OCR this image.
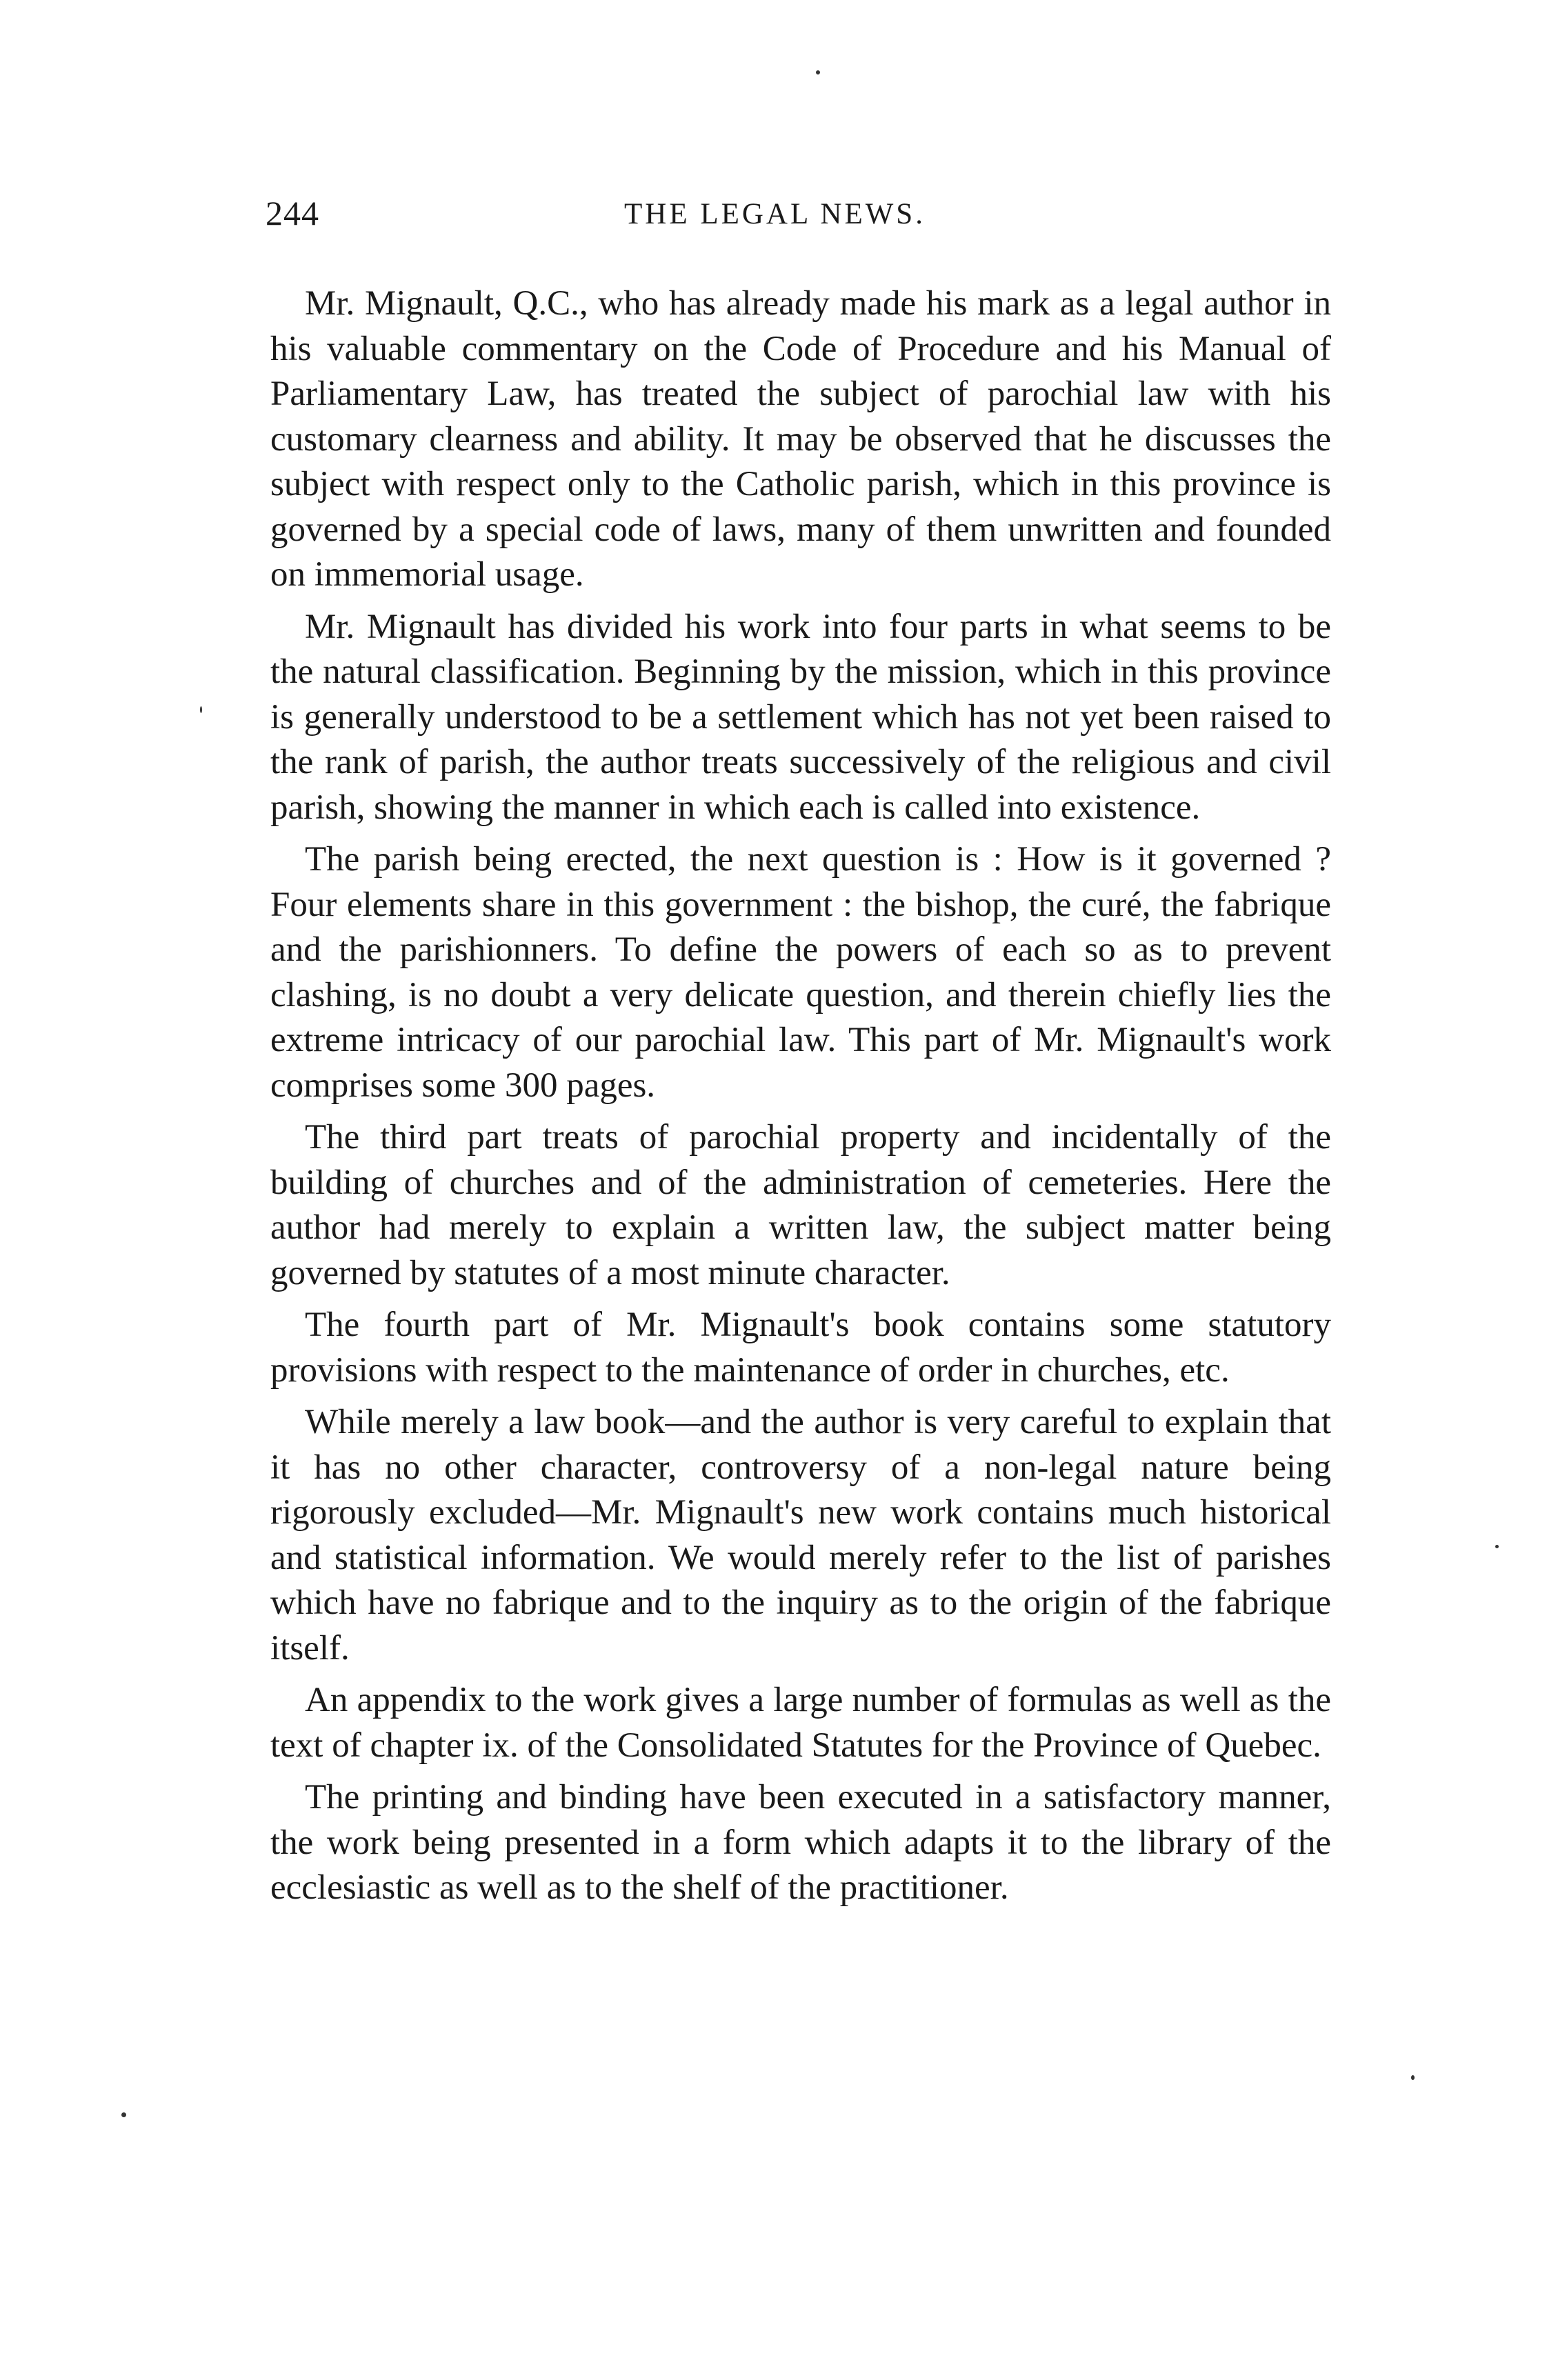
244	THE LEGAL NEWS.

Mr. Mignault, Q.C., who has already made his mark as a legal author in his valuable commentary on the Code of Procedure and his Manual of Parliamentary Law, has treated the subject of parochial law with his customary clearness and ability. It may be observed that he discusses the subject with respect only to the Catholic parish, which in this province is governed by a special code of laws, many of them unwritten and founded on immemorial usage.

Mr. Mignault has divided his work into four parts in what seems to be the natural classification. Beginning by the mission, which in this province is generally understood to be a settlement which has not yet been raised to the rank of parish, the author treats successively of the religious and civil parish, showing the manner in which each is called into existence.

The parish being erected, the next question is : How is it governed ? Four elements share in this government : the bishop, the curé, the fabrique and the parishionners. To define the powers of each so as to prevent clashing, is no doubt a very delicate question, and therein chiefly lies the extreme intricacy of our parochial law. This part of Mr. Mignault's work comprises some 300 pages.

The third part treats of parochial property and incidentally of the building of churches and of the administration of cemeteries. Here the author had merely to explain a written law, the subject matter being governed by statutes of a most minute character.

The fourth part of Mr. Mignault's book contains some statutory provisions with respect to the maintenance of order in churches, etc.

While merely a law book—and the author is very careful to explain that it has no other character, controversy of a non-legal nature being rigorously excluded—Mr. Mignault's new work contains much historical and statistical information. We would merely refer to the list of parishes which have no fabrique and to the inquiry as to the origin of the fabrique itself.

An appendix to the work gives a large number of formulas as well as the text of chapter ix. of the Consolidated Statutes for the Province of Quebec.

The printing and binding have been executed in a satisfactory manner, the work being presented in a form which adapts it to the library of the ecclesiastic as well as to the shelf of the practitioner.
